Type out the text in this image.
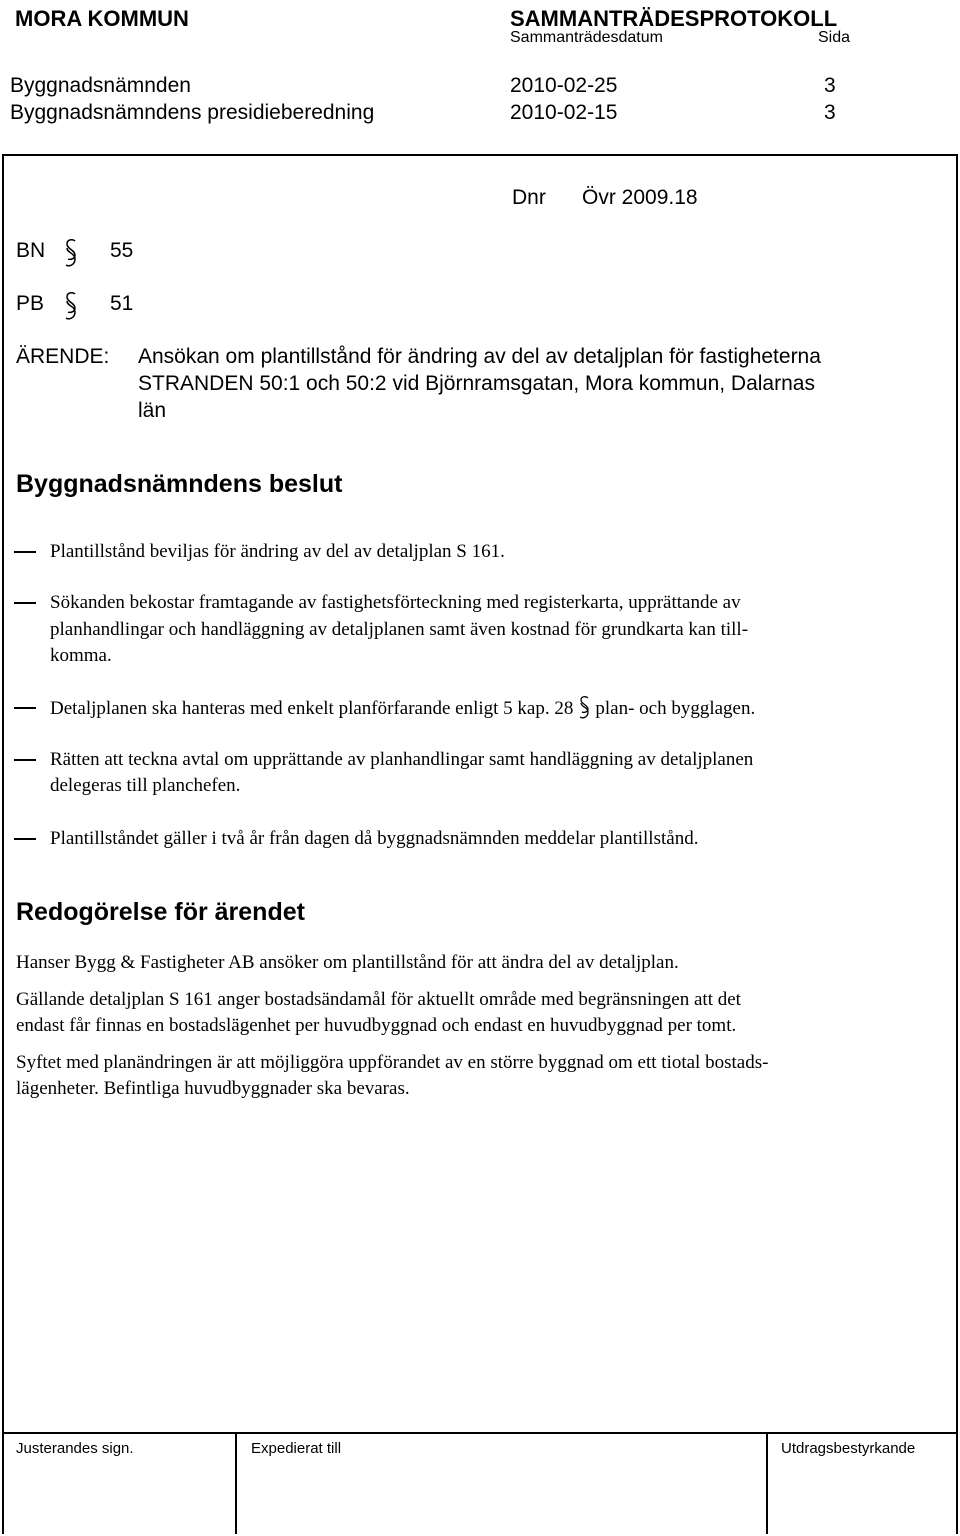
MORA KOMMUN	SAMMANTRÄDESPROTOKOLL
Sammanträdesdatum	Sida
Byggnadsnämnden	2010-02-25	3
Byggnadsnämndens presidieberedning	2010-02-15	3
Dnr Övr 2009.18
BN	55
PB	51
ÄRENDE: Ansökan om plantillstånd för ändring av del av detaljplan för fastigheterna
STRANDEN 50:1 och 50:2 vid Björnramsgatan, Mora kommun, Dalarnas
län
Byggnadsnämndens beslut
Plantillstånd beviljas för ändring av del av detaljplan S 161.
Sökanden bekostar framtagande av fastighetsförteckning med registerkarta, upprättande av
planhandlingar och handläggning av detaljplanen samt även kostnad för grundkarta kan till-
komma.
Detaljplanen ska hanteras med enkelt planförfarande enligt 5 kap. 28 plan- och bygglagen.
Rätten att teckna avtal om upprättande av planhandlingar samt handläggning av detaljplanen
delegeras till planchefen.
Plantillståndet gäller i två år från dagen då byggnadsnämnden meddelar plantillstånd.
Redogörelse för ärendet
Hanser Bygg & Fastigheter AB ansöker om plantillstånd för att ändra del av detaljplan.
Gällande detaljplan S 161 anger bostadsändamål för aktuellt område med begränsningen att det
endast får finnas en bostadslägenhet per huvudbyggnad och endast en huvudbyggnad per tomt.
Syftet med planändringen är att möjliggöra uppförandet av en större byggnad om ett tiotal bostads-
lägenheter. Befintliga huvudbyggnader ska bevaras.
Justerandes sign.	Expedierat till	Utdragsbestyrkande
